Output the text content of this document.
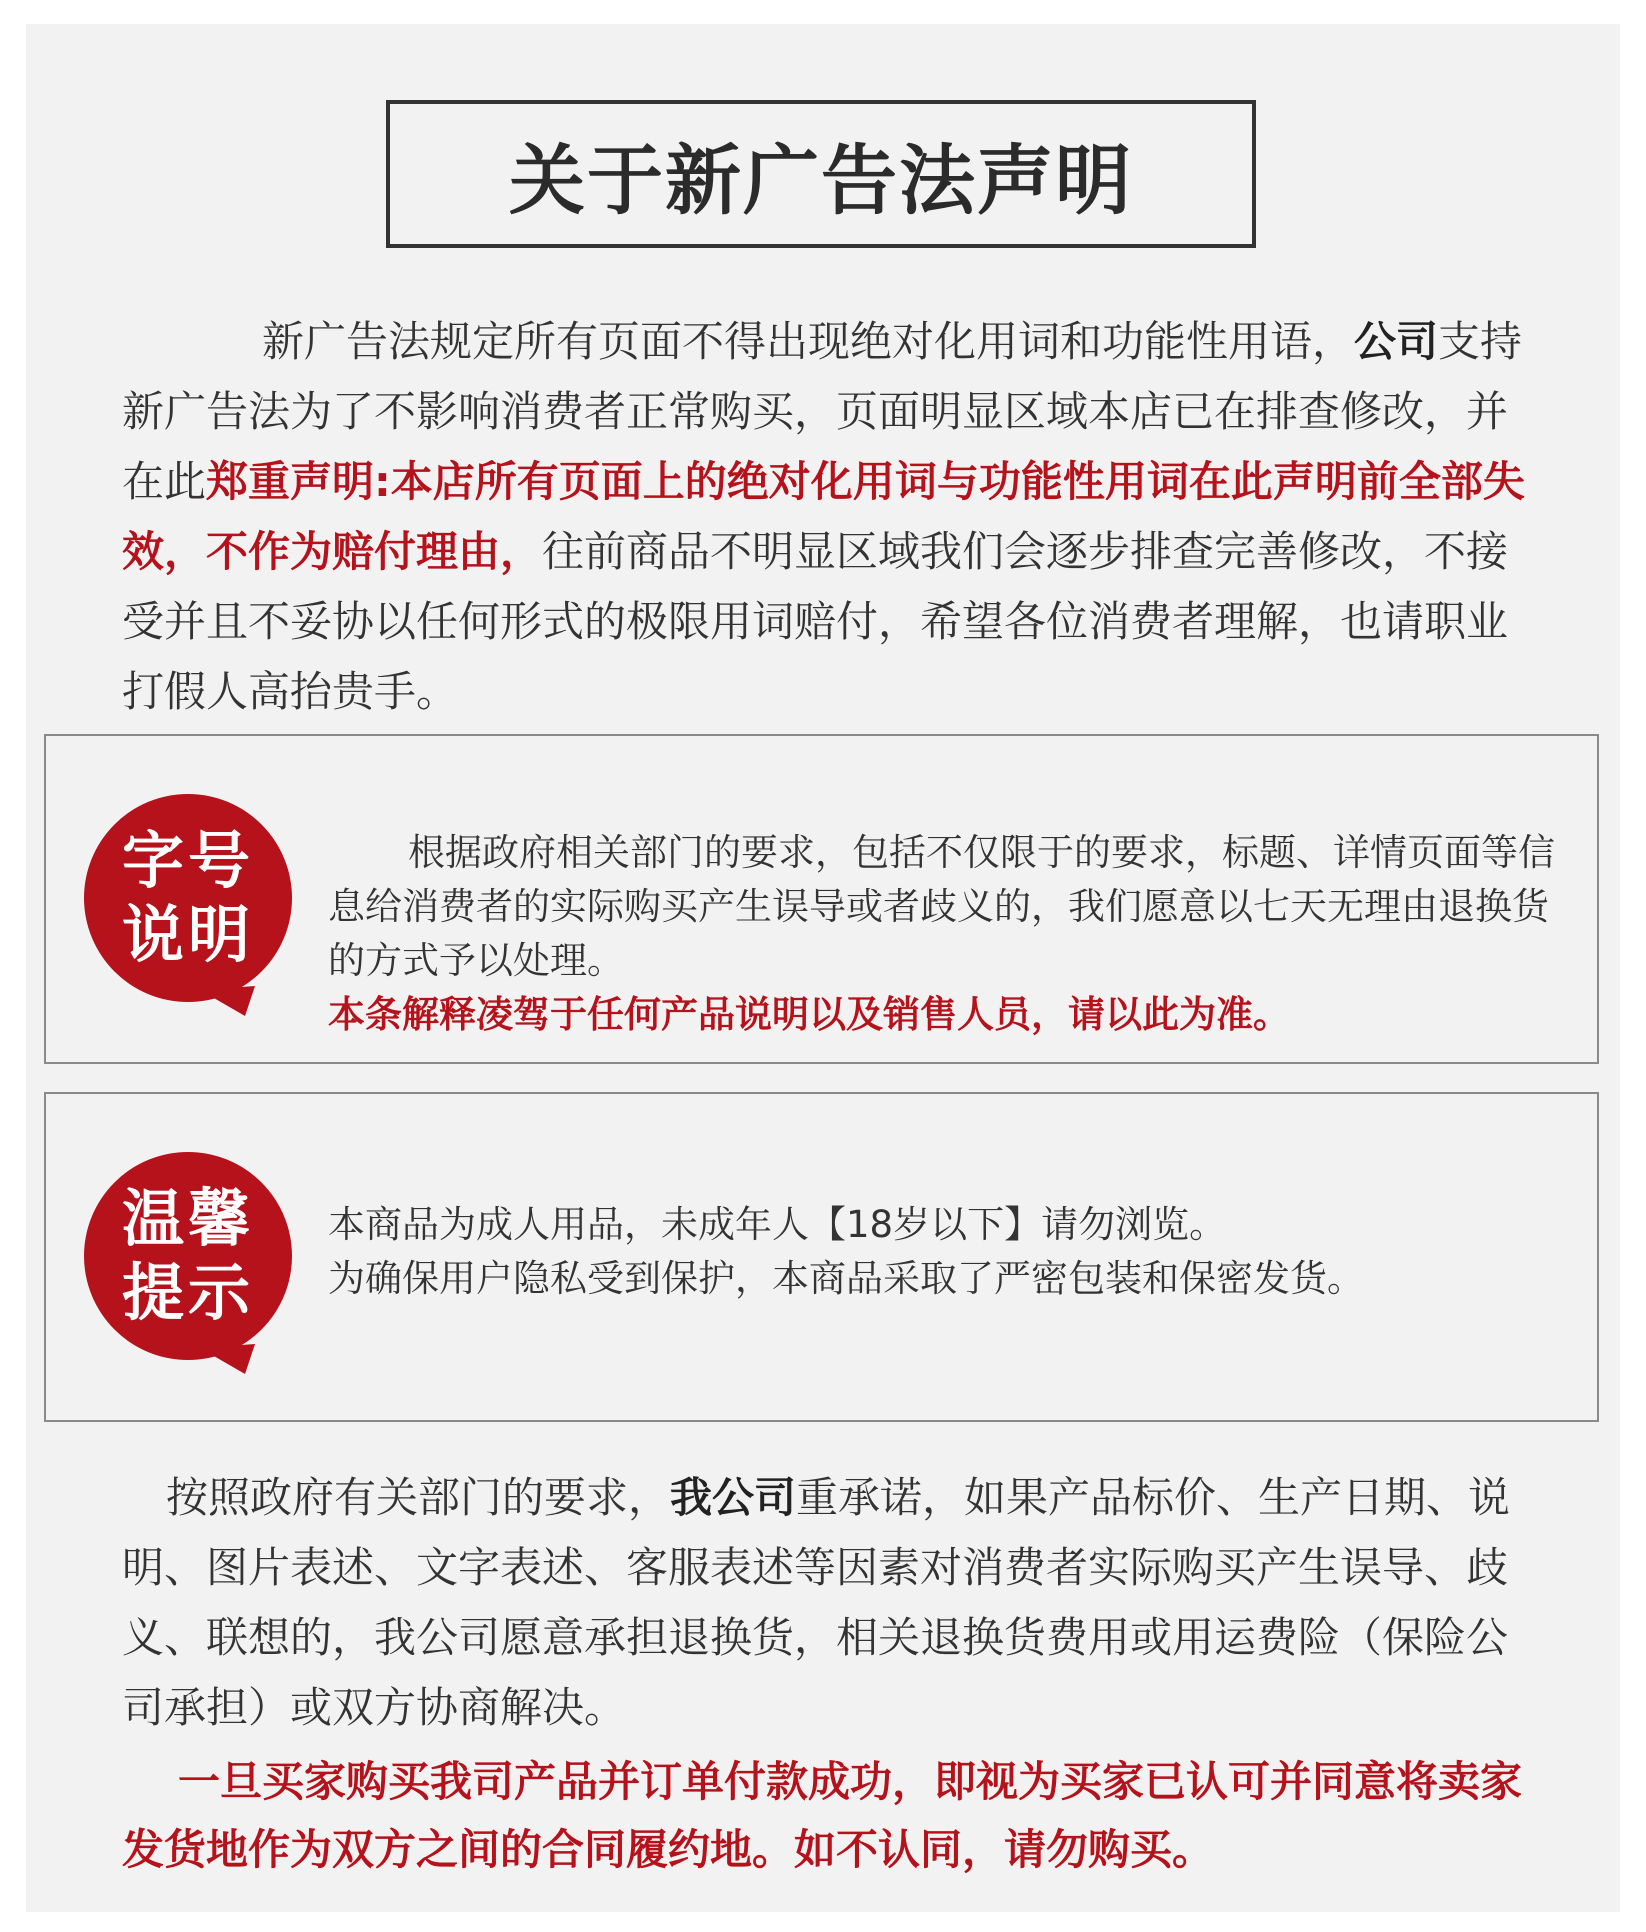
关于新广告法声明
新广告法规定所有页面不得出现绝对化用词和功能性用语，公司支持新广告法为了不影响消费者正常购买，页面明显区域本店已在排查修改，并在此郑重声明:本店所有页面上的绝对化用词与功能性用词在此声明前全部失效，不作为赔付理由，往前商品不明显区域我们会逐步排查完善修改，不接受并且不妥协以任何形式的极限用词赔付，希望各位消费者理解，也请职业打假人高抬贵手。
字号
说明
根据政府相关部门的要求，包括不仅限于的要求，标题、详情页面等信息给消费者的实际购买产生误导或者歧义的，我们愿意以七天无理由退换货的方式予以处理。
本条解释凌驾于任何产品说明以及销售人员，请以此为准。
温馨
提示
本商品为成人用品，未成年人【18岁以下】请勿浏览。
为确保用户隐私受到保护，本商品采取了严密包装和保密发货。
按照政府有关部门的要求，我公司重承诺，如果产品标价、生产日期、说明、图片表述、文字表述、客服表述等因素对消费者实际购买产生误导、歧义、联想的，我公司愿意承担退换货，相关退换货费用或用运费险（保险公司承担）或双方协商解决。
一旦买家购买我司产品并订单付款成功，即视为买家已认可并同意将卖家发货地作为双方之间的合同履约地。如不认同，请勿购买。
